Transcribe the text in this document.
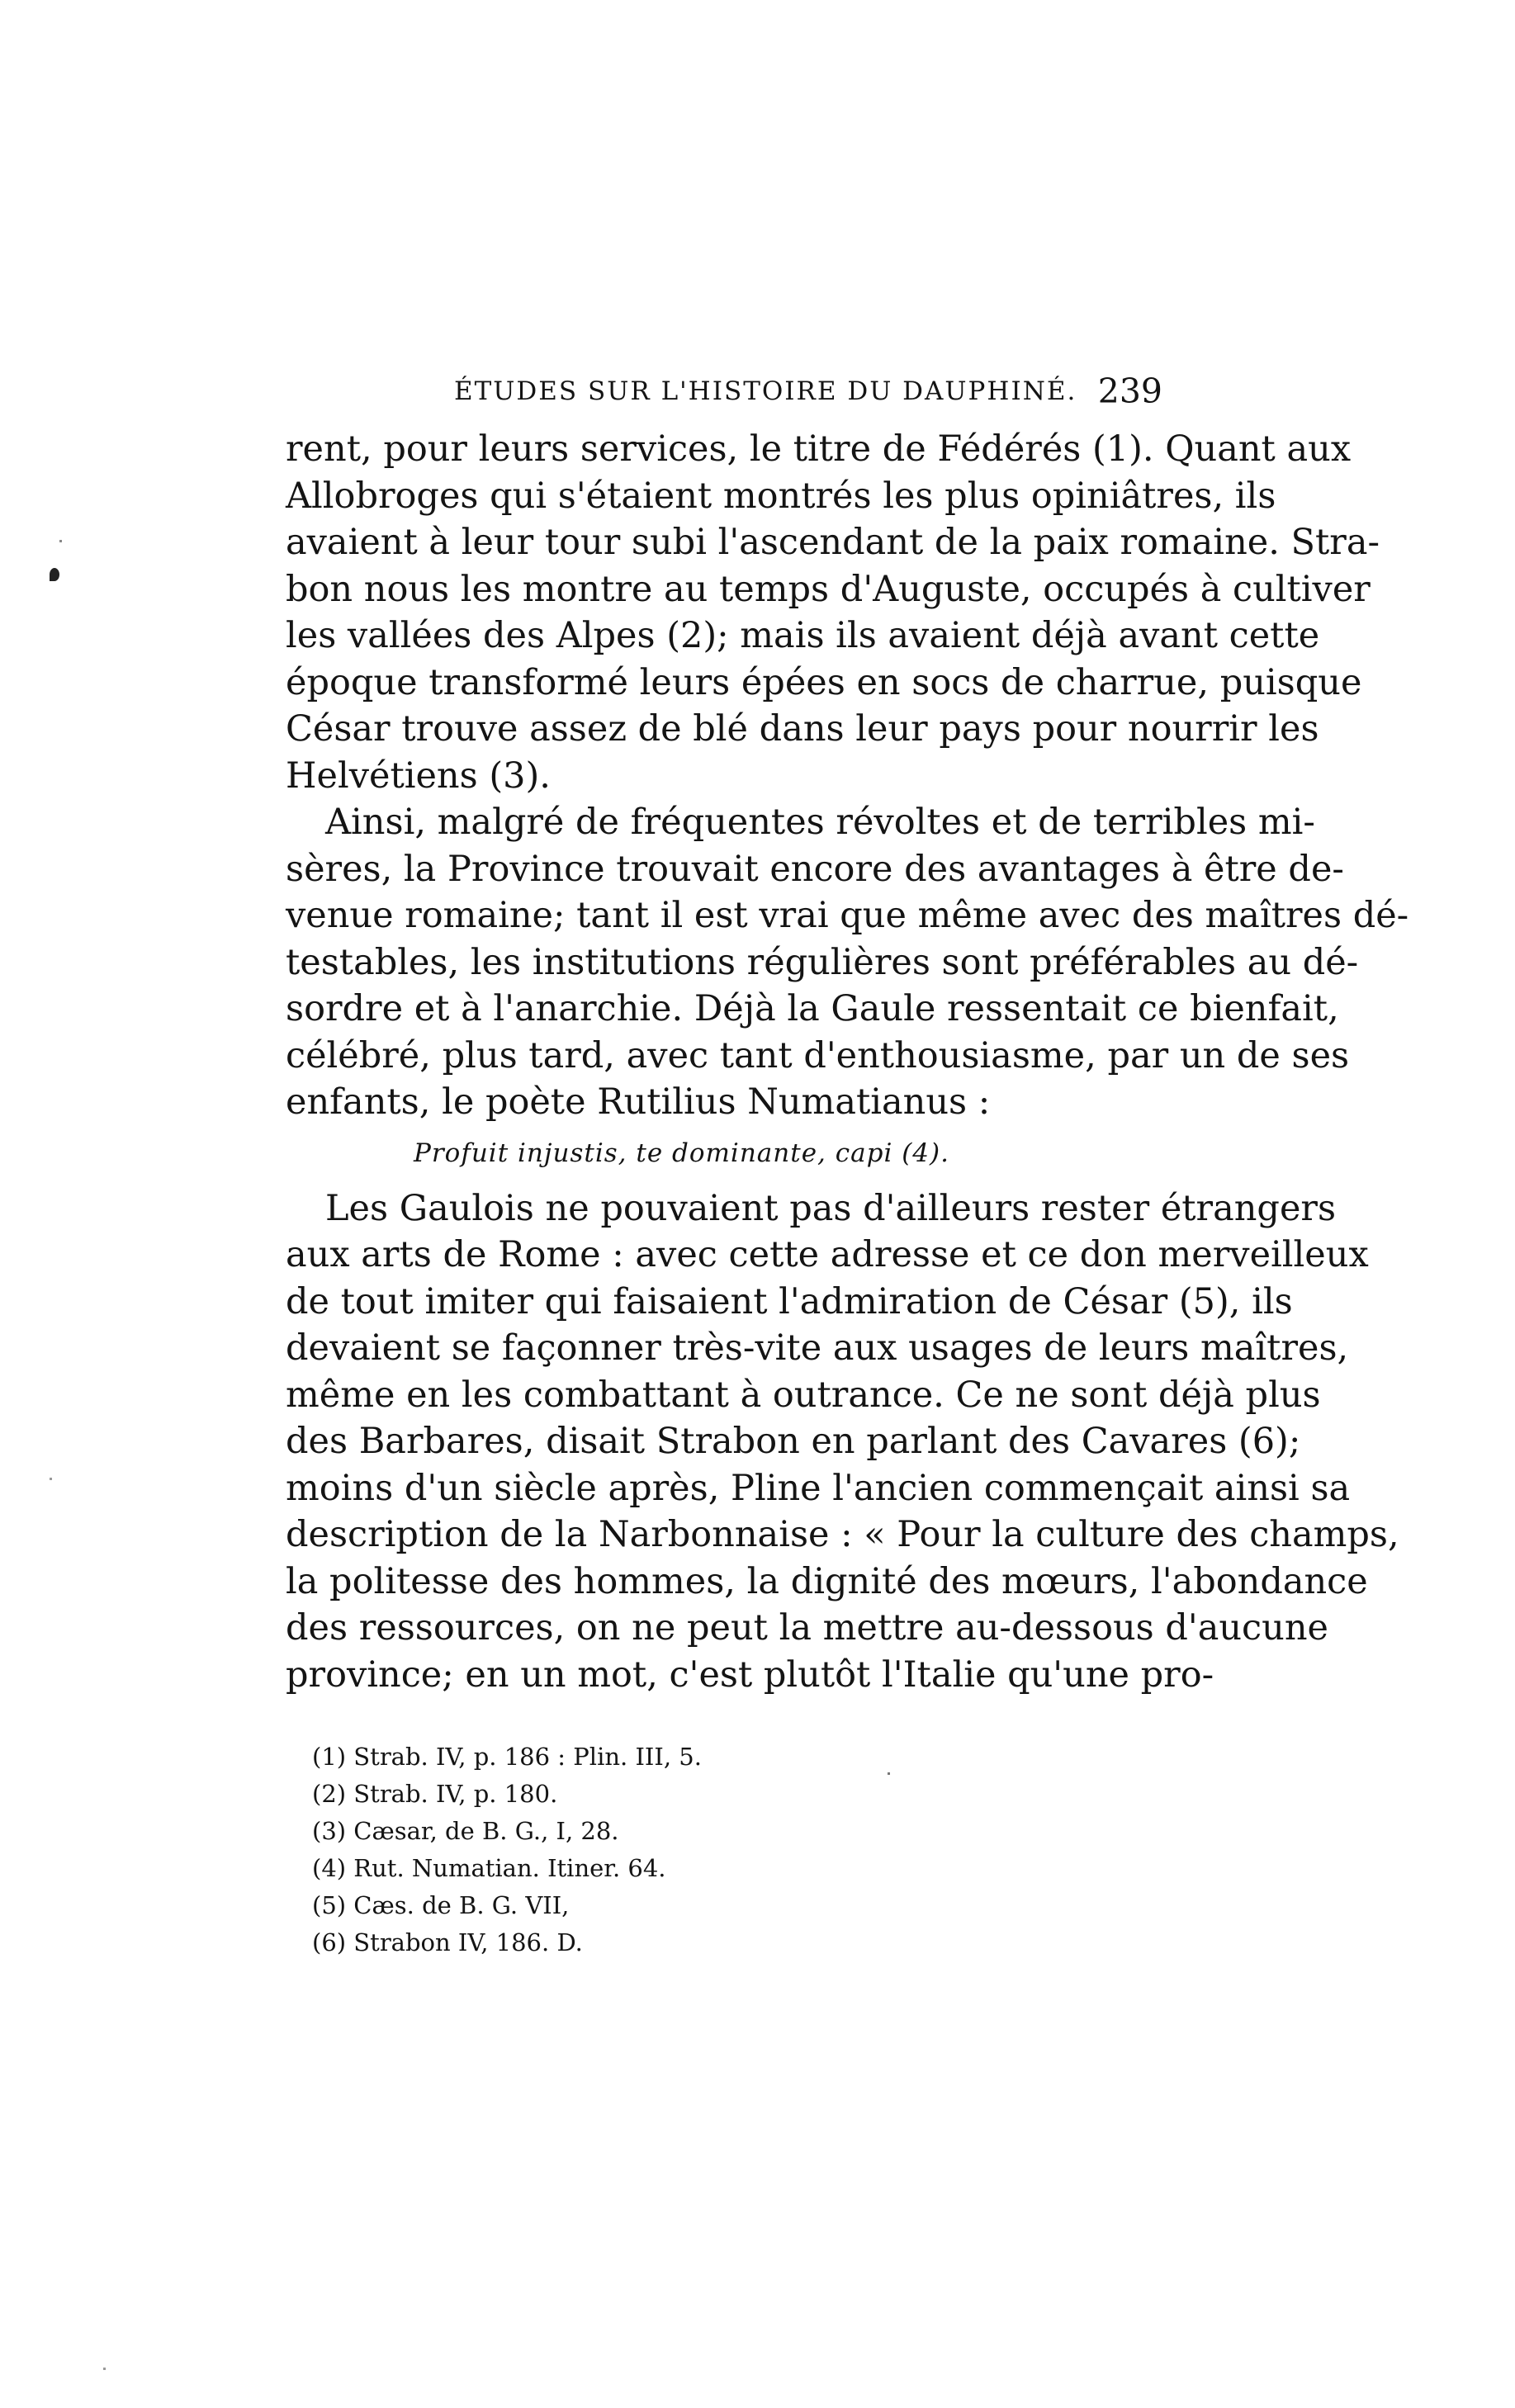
ÉTUDES SUR L'HISTOIRE DU DAUPHINÉ. 239
rent, pour leurs services, le titre de Fédérés (1). Quant aux
Allobroges qui s'étaient montrés les plus opiniâtres, ils
avaient à leur tour subi l'ascendant de la paix romaine. Stra-
bon nous les montre au temps d'Auguste, occupés à cultiver
les vallées des Alpes (2); mais ils avaient déjà avant cette
époque transformé leurs épées en socs de charrue, puisque
César trouve assez de blé dans leur pays pour nourrir les
Helvétiens (3).
Ainsi, malgré de fréquentes révoltes et de terribles mi-
sères, la Province trouvait encore des avantages à être de-
venue romaine; tant il est vrai que même avec des maîtres dé-
testables, les institutions régulières sont préférables au dé-
sordre et à l'anarchie. Déjà la Gaule ressentait ce bienfait,
célébré, plus tard, avec tant d'enthousiasme, par un de ses
enfants, le poète Rutilius Numatianus :
Profuit injustis, te dominante, capi (4).
Les Gaulois ne pouvaient pas d'ailleurs rester étrangers
aux arts de Rome : avec cette adresse et ce don merveilleux
de tout imiter qui faisaient l'admiration de César (5), ils
devaient se façonner très-vite aux usages de leurs maîtres,
même en les combattant à outrance. Ce ne sont déjà plus
des Barbares, disait Strabon en parlant des Cavares (6);
moins d'un siècle après, Pline l'ancien commençait ainsi sa
description de la Narbonnaise : « Pour la culture des champs,
la politesse des hommes, la dignité des mœurs, l'abondance
des ressources, on ne peut la mettre au-dessous d'aucune
province; en un mot, c'est plutôt l'Italie qu'une pro-
(1) Strab. IV, p. 186 : Plin. III, 5.
(2) Strab. IV, p. 180.
(3) Cæsar, de B. G., I, 28.
(4) Rut. Numatian. Itiner. 64.
(5) Cæs. de B. G. VII,
(6) Strabon IV, 186. D.
